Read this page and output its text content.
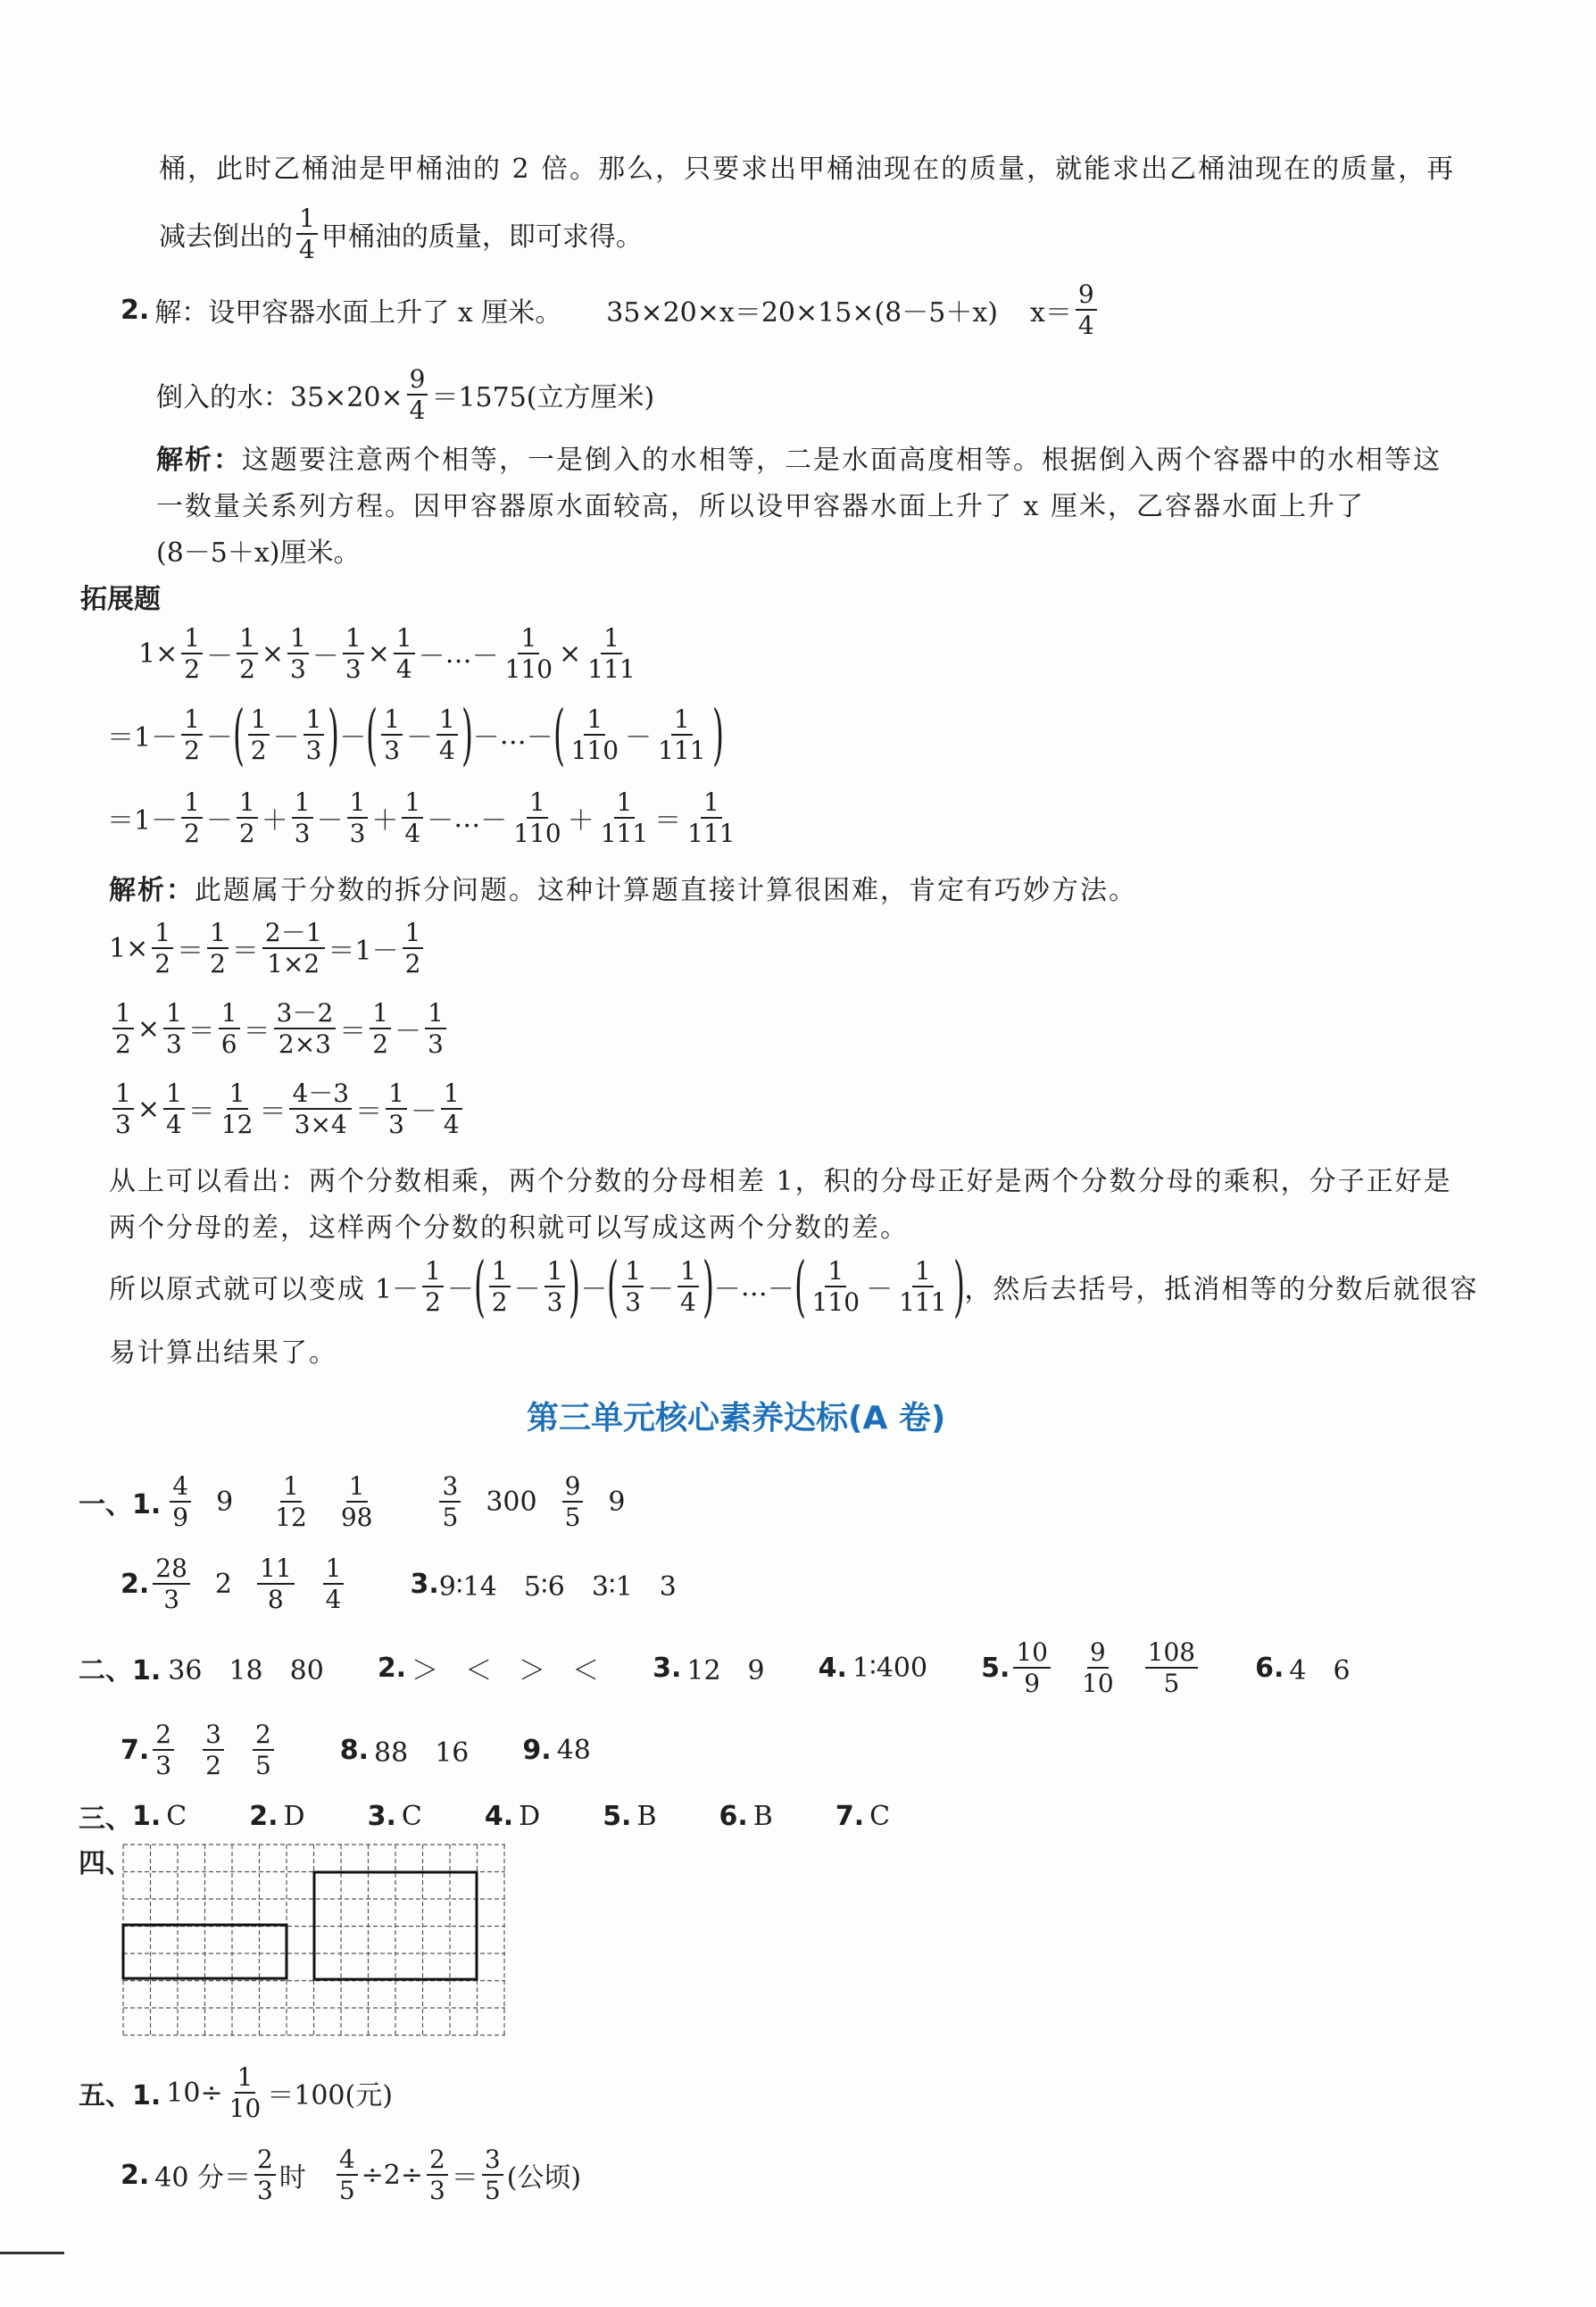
桶，此时乙桶油是甲桶油的 2 倍。那么，只要求出甲桶油现在的质量，就能求出乙桶油现在的质量，再
减去倒出的 $\frac{1}{4}$ 甲桶油的质量，即可求得。
2. 解：设甲容器水面上升了 x 厘米。 35×20×x＝20×15×(8－5＋x) $x= \frac{9}{4}$
倒入的水：$35\times 20\times \frac{9}{4} =1575$(立方厘米)
解析：这题要注意两个相等，一是倒入的水相等，二是水面高度相等。根据倒入两个容器中的水相等这
一数量关系列方程。因甲容器原水面较高，所以设甲容器水面上升了 x 厘米，乙容器水面上升了
(8－5＋x)厘米。
拓展题
$1\times \frac{1}{2} - \frac{1}{2} \times \frac{1}{3} - \frac{1}{3} \times \frac{1}{4}$ － … － $\frac{1}{110} \times \frac{1}{111}$
$=1- \frac{1}{2}$ － ( $\frac{1}{2} - \frac{1}{3}$ ) － ( $\frac{1}{3} - \frac{1}{4}$ ) － … － ( $\frac{1}{110} - \frac{1}{111}$ )
$=1- \frac{1}{2} - \frac{1}{2} + \frac{1}{3} - \frac{1}{3} + \frac{1}{4}$ － … － $\frac{1}{110} + \frac{1}{111} = \frac{1}{111}$
解析：此题属于分数的拆分问题。这种计算题直接计算很困难，肯定有巧妙方法。
$1\times \frac{1}{2} = \frac{1}{2} = \frac{2-1}{1\times 2} =1 - \frac{1}{2}$
$\frac{1}{2} \times \frac{1}{3} = \frac{1}{6} = \frac{3-2}{2\times 3} = \frac{1}{2} - \frac{1}{3}$
$\frac{1}{3} \times \frac{1}{4} = \frac{1}{12} = \frac{4-3}{3\times 4} = \frac{1}{3} - \frac{1}{4}$
从上可以看出：两个分数相乘，两个分数的分母相差 1，积的分母正好是两个分数分母的乘积，分子正好是
两个分母的差，这样两个分数的积就可以写成这两个分数的差。
所以原式就可以变成 $1- \frac{1}{2}$ － ( $\frac{1}{2} - \frac{1}{3}$ ) － ( $\frac{1}{3} - \frac{1}{4}$ ) － … － ( $\frac{1}{110} - \frac{1}{111}$ ) ，然后去括号，抵消相等的分数后就很容
易计算出结果了。
第三单元核心素养达标(A 卷)
一、1. $\frac{4}{9} 9 \frac{1}{12} \frac{1}{98}$	$\frac{3}{5} 300 \frac{9}{5} 9$
2. $\frac{28}{3} 2 \frac{11}{8} \frac{1}{4} 3$. 9∶14　5∶6　3∶1　3
二、1. 36　18　80 2. ＞　＜　＞　＜ 3. 12　9 4. 1∶400 5. $\frac{10}{9} \frac{9}{10} \frac{108}{5} 6$. 4　6
7. $\frac{2}{3} \frac{3}{2} \frac{2}{5} 8$. 88　16 9. 48
三、 1. C 2. D 3. C 4. D 5. B 6. B 7. C
四、
五、1. $10\div \frac{1}{10} =100$(元)
2. 40 分＝ $\frac{2}{3}$ 时 $\frac{4}{5} \div 2\div \frac{2}{3} = \frac{3}{5}$ (公顷)
